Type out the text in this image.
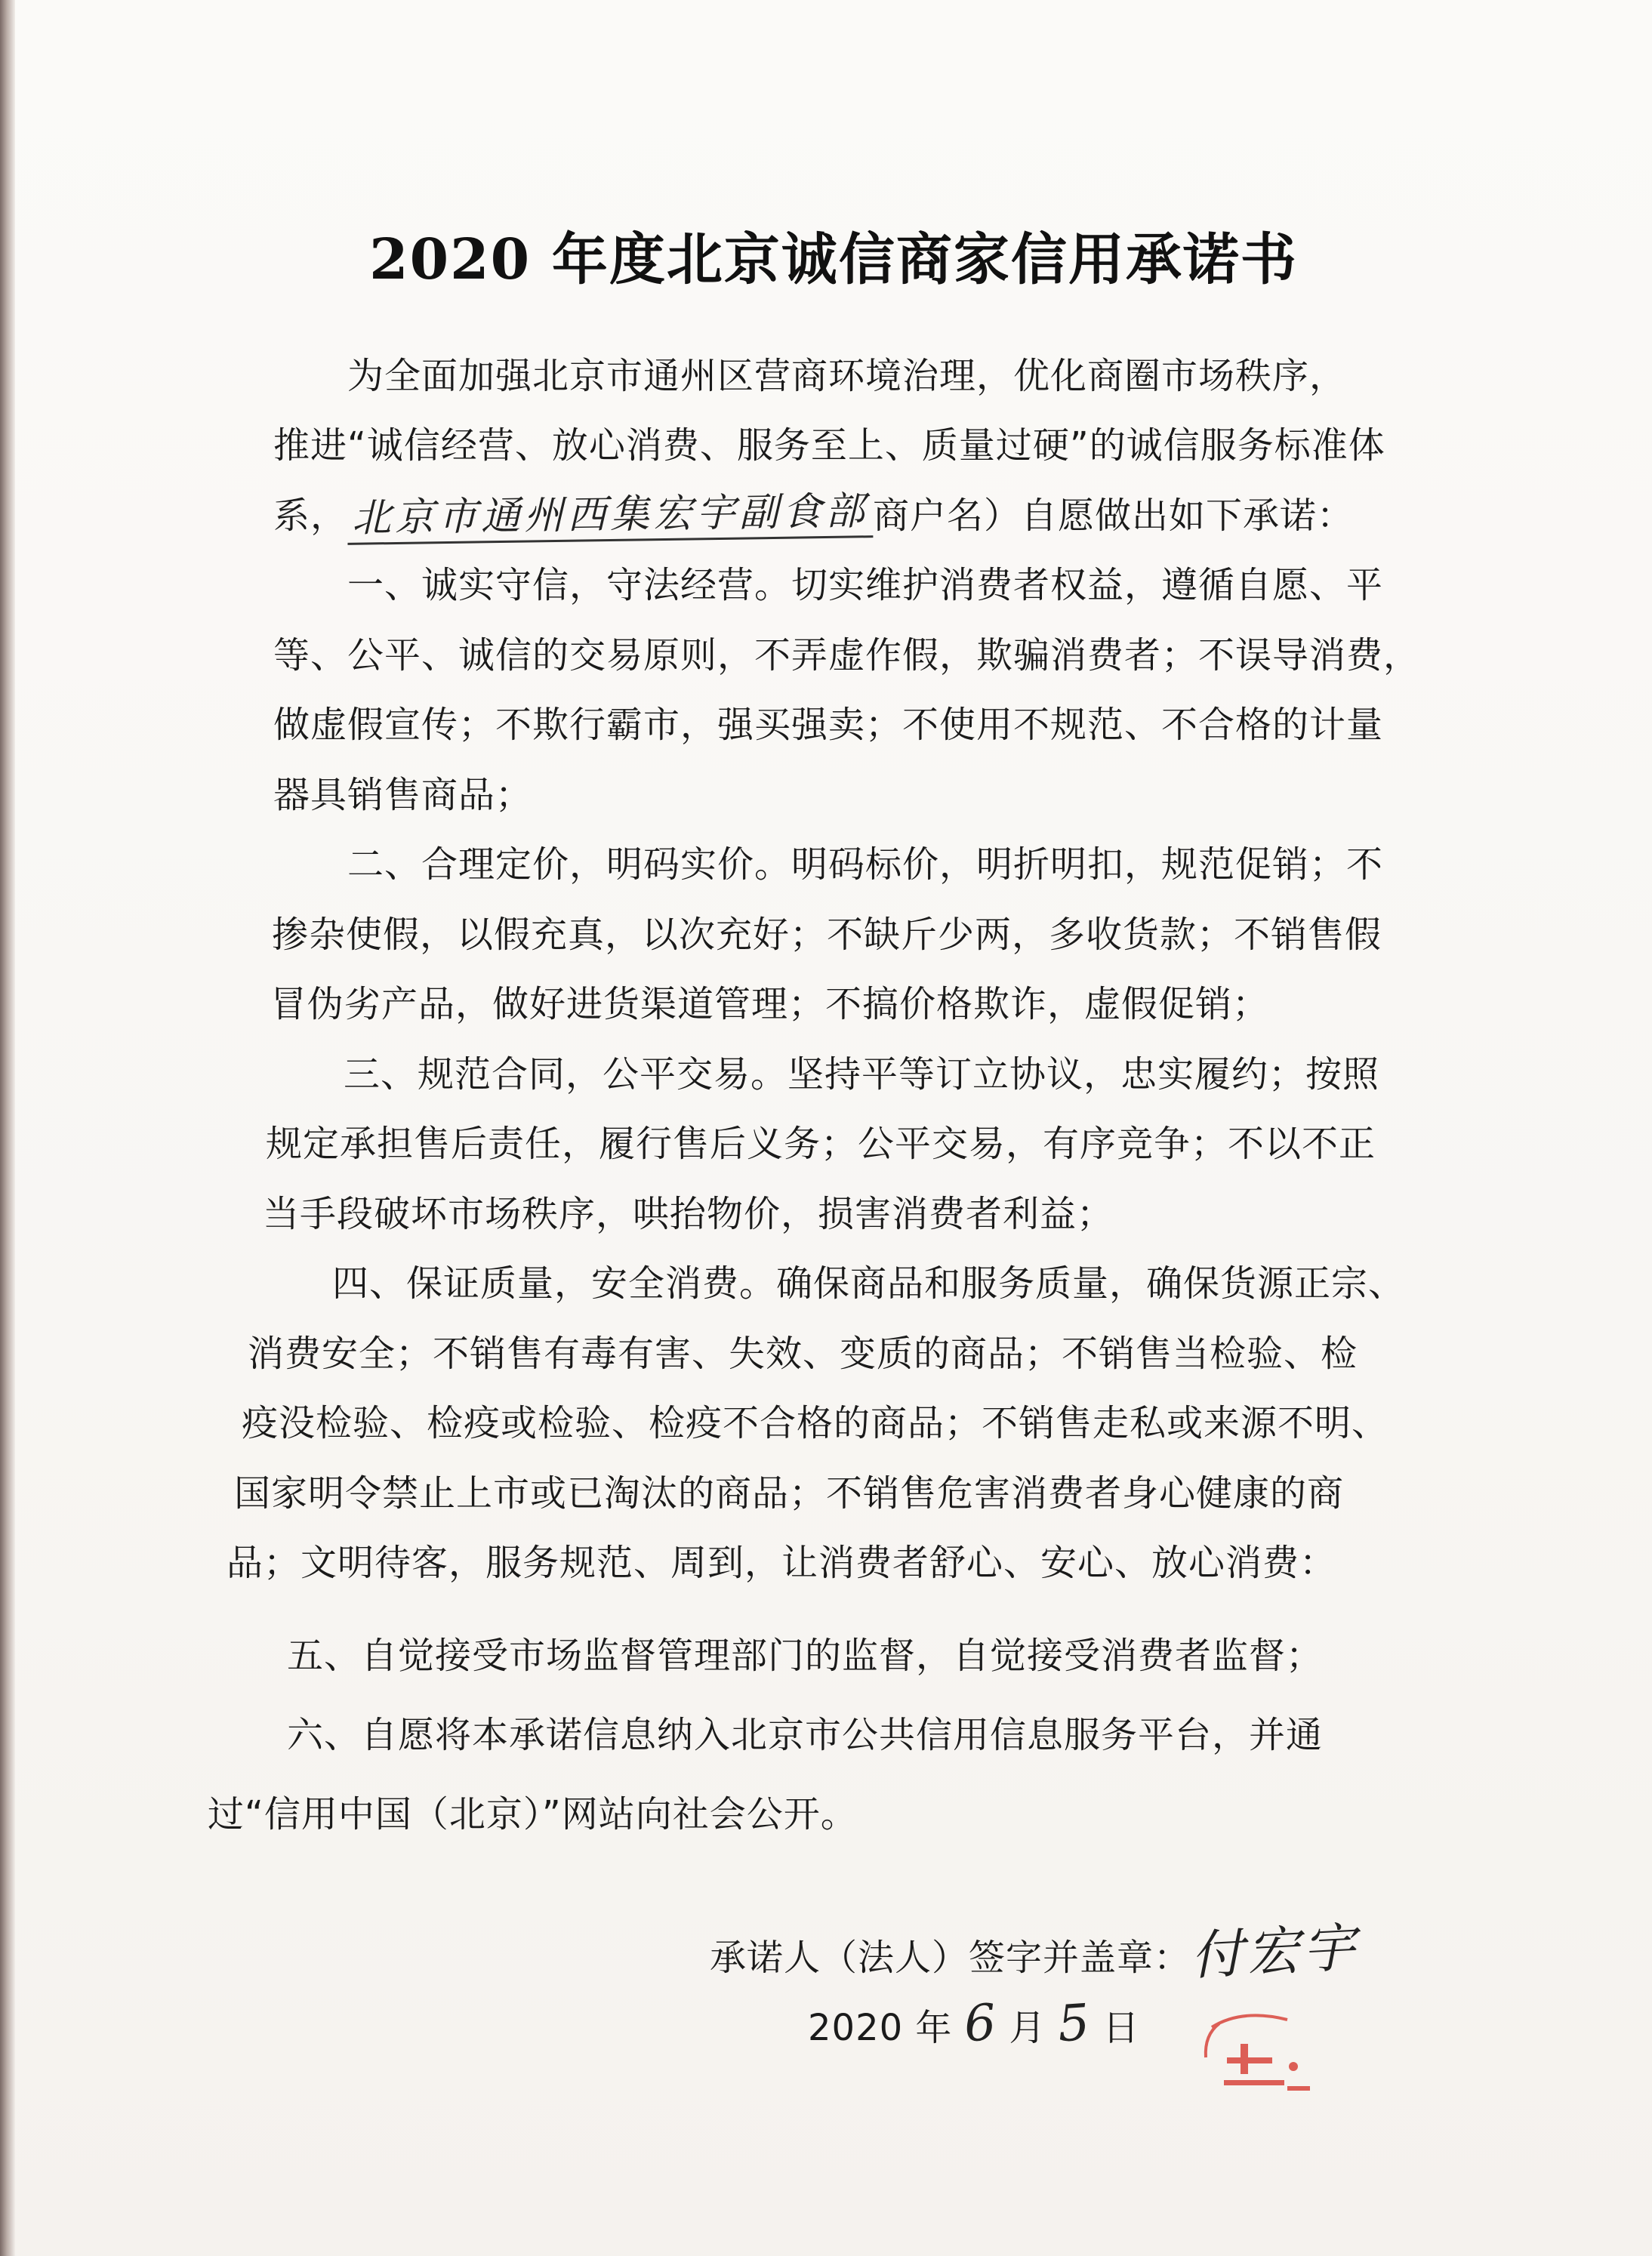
2020 年度北京诚信商家信用承诺书
为全面加强北京市通州区营商环境治理，优化商圈市场秩序，
推进“诚信经营、放心消费、服务至上、质量过硬”的诚信服务标准体
系， 北京市通州西集宏宇副食部 商户名）自愿做出如下承诺：
一、诚实守信，守法经营。切实维护消费者权益，遵循自愿、平
等、公平、诚信的交易原则，不弄虚作假，欺骗消费者；不误导消费，
做虚假宣传；不欺行霸市，强买强卖；不使用不规范、不合格的计量
器具销售商品；
二、合理定价，明码实价。明码标价，明折明扣，规范促销；不
掺杂使假，以假充真，以次充好；不缺斤少两，多收货款；不销售假
冒伪劣产品，做好进货渠道管理；不搞价格欺诈，虚假促销；
三、规范合同，公平交易。坚持平等订立协议，忠实履约；按照
规定承担售后责任，履行售后义务；公平交易，有序竞争；不以不正
当手段破坏市场秩序，哄抬物价，损害消费者利益；
四、保证质量，安全消费。确保商品和服务质量，确保货源正宗、
消费安全；不销售有毒有害、失效、变质的商品；不销售当检验、检
疫没检验、检疫或检验、检疫不合格的商品；不销售走私或来源不明、
国家明令禁止上市或已淘汰的商品；不销售危害消费者身心健康的商
品；文明待客，服务规范、周到，让消费者舒心、安心、放心消费：
五、自觉接受市场监督管理部门的监督，自觉接受消费者监督；
六、自愿将本承诺信息纳入北京市公共信用信息服务平台，并通
过“信用中国（北京）”网站向社会公开。
承诺人（法人）签字并盖章：付宏宇
2020 年 6 月 5 日
